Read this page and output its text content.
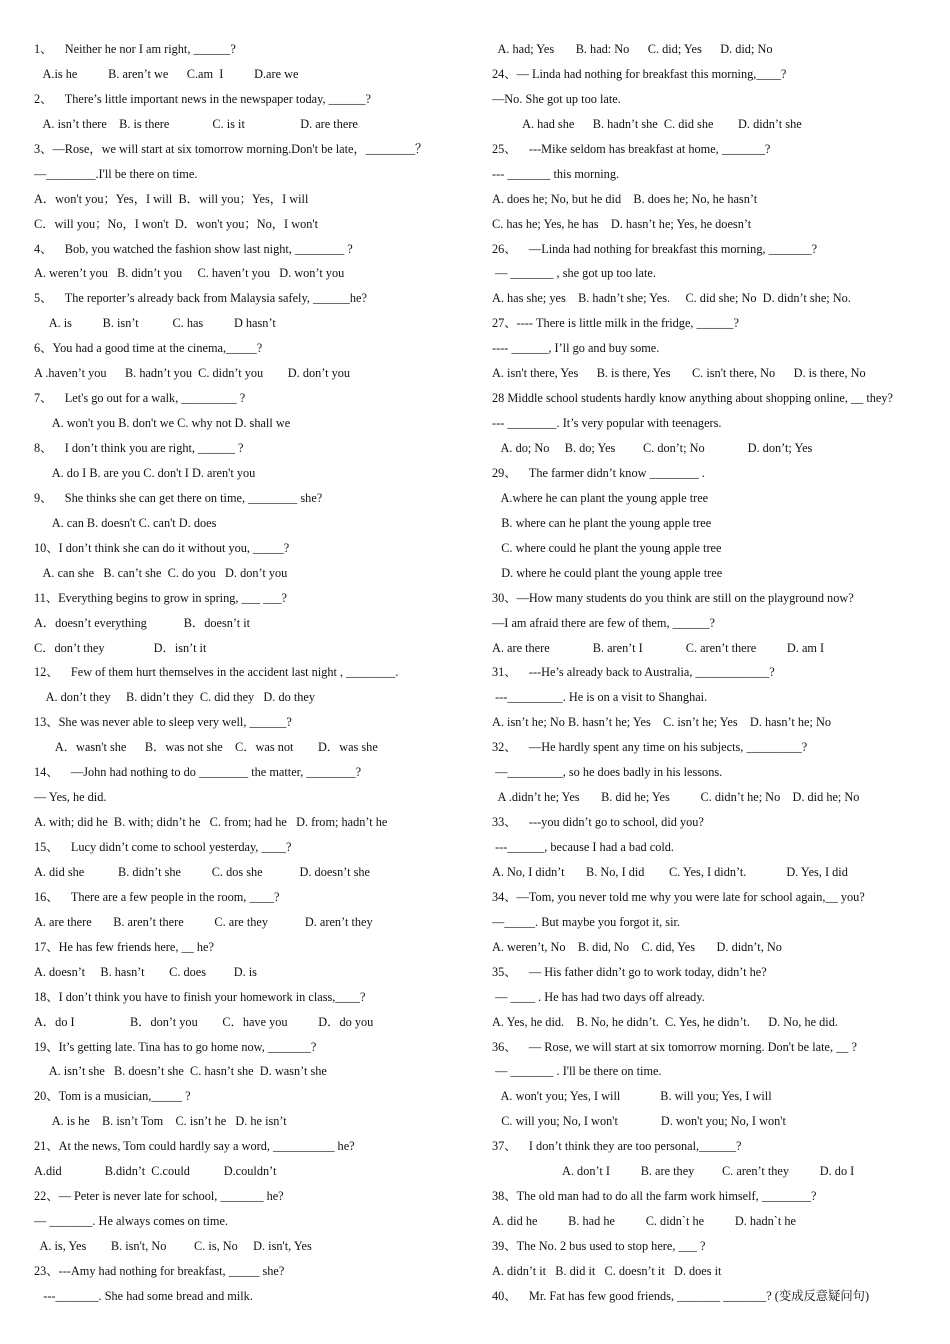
1、    Neither he nor I am right, ______?
A.is he          B. aren’t we      C.am  I          D.are we
2、    There’s little important news in the newspaper today, ______?
A. isn’t there    B. is there              C. is it                  D. are there
3、—Rose，we will start at six tomorrow morning.Don't be late，________？
—________.I'll be there on time.
A．won't you；Yes，I will  B．will you；Yes，I will
C．will you；No，I won't  D．won't you；No，I won't
4、    Bob, you watched the fashion show last night, ________ ?
A. weren’t you   B. didn’t you     C. haven’t you   D. won’t you
5、    The reporter’s already back from Malaysia safely, ______he?
A. is          B. isn’t           C. has          D hasn’t
6、You had a good time at the cinema,_____?
A .haven’t you      B. hadn’t you  C. didn’t you        D. don’t you
7、    Let's go out for a walk, _________ ?
A. won't you B. don't we C. why not D. shall we
8、    I don’t think you are right, ______ ?
A. do I B. are you C. don't I D. aren't you
9、    She thinks she can get there on time, ________ she?
A. can B. doesn't C. can't D. does
10、I don’t think she can do it without you, _____?
A. can she   B. can’t she  C. do you   D. don’t you
11、Everything begins to grow in spring, ___ ___?
A．doesn’t everything            B．doesn’t it
C．don’t they                D．isn’t it
12、    Few of them hurt themselves in the accident last night , ________.
A. don’t they     B. didn’t they  C. did they   D. do they
13、She was never able to sleep very well, ______?
A．wasn't she      B．was not she    C．was not        D．was she
14、    —John had nothing to do ________ the matter, ________?
— Yes, he did.
A. with; did he  B. with; didn’t he   C. from; had he   D. from; hadn’t he
15、    Lucy didn’t come to school yesterday, ____?
A. did she           B. didn’t she          C. dos she            D. doesn’t she
16、    There are a few people in the room, ____?
A. are there       B. aren’t there          C. are they            D. aren’t they
17、He has few friends here, __ he?
A. doesn’t     B. hasn’t        C. does         D. is
18、I don’t think you have to finish your homework in class,____?
A．do I                  B．don’t you        C．have you          D．do you
19、It’s getting late. Tina has to go home now, _______?
A. isn’t she   B. doesn’t she  C. hasn’t she  D. wasn’t she
20、Tom is a musician,_____ ?
A. is he    B. isn’t Tom    C. isn’t he   D. he isn’t
21、At the news, Tom could hardly say a word, __________ he?
A.did              B.didn’t  C.could           D.couldn’t
22、— Peter is never late for school, _______ he?
— _______. He always comes on time.
A. is, Yes        B. isn't, No         C. is, No     D. isn't, Yes
23、---Amy had nothing for breakfast, _____ she?
---_______. She had some bread and milk.
A. had; Yes       B. had: No      C. did; Yes      D. did; No
24、— Linda had nothing for breakfast this morning,____?
—No. She got up too late.
A. had she      B. hadn’t she  C. did she        D. didn’t she
25、    ---Mike seldom has breakfast at home, _______?
--- _______ this morning.
A. does he; No, but he did    B. does he; No, he hasn’t
C. has he; Yes, he has    D. hasn’t he; Yes, he doesn’t
26、    —Linda had nothing for breakfast this morning, _______?
— _______ , she got up too late.
A. has she; yes    B. hadn’t she; Yes.     C. did she; No  D. didn’t she; No.
27、---- There is little milk in the fridge, ______?
---- ______, I’ll go and buy some.
A. isn't there, Yes      B. is there, Yes       C. isn't there, No      D. is there, No
28 Middle school students hardly know anything about shopping online, __ they?
--- ________. It’s very popular with teenagers.
A. do; No     B. do; Yes         C. don’t; No              D. don’t; Yes
29、    The farmer didn’t know ________ .
A.where he can plant the young apple tree
B. where can he plant the young apple tree
C. where could he plant the young apple tree
D. where he could plant the young apple tree
30、—How many students do you think are still on the playground now?
—I am afraid there are few of them, ______?
A. are there              B. aren’t I              C. aren’t there          D. am I
31、    ---He’s already back to Australia, ____________?
---_________. He is on a visit to Shanghai.
A. isn’t he; No B. hasn’t he; Yes    C. isn’t he; Yes    D. hasn’t he; No
32、    —He hardly spent any time on his subjects, _________?
—_________, so he does badly in his lessons.
A .didn’t he; Yes       B. did he; Yes          C. didn’t he; No    D. did he; No
33、    ---you didn’t go to school, did you?
---______, because I had a bad cold.
A. No, I didn’t       B. No, I did        C. Yes, I didn’t.             D. Yes, I did
34、—Tom, you never told me why you were late for school again,__ you?
—_____. But maybe you forgot it, sir.
A. weren’t, No    B. did, No    C. did, Yes       D. didn’t, No
35、    — His father didn’t go to work today, didn’t he?
— ____ . He has had two days off already.
A. Yes, he did.    B. No, he didn’t.  C. Yes, he didn’t.      D. No, he did.
36、    — Rose, we will start at six tomorrow morning. Don't be late, __ ?
— _______ . I'll be there on time.
A. won't you; Yes, I will             B. will you; Yes, I will
C. will you; No, I won't              D. won't you; No, I won't
37、    I don’t think they are too personal,______?
A. don’t I          B. are they         C. aren’t they          D. do I
38、The old man had to do all the farm work himself, ________?
A. did he          B. had he          C. didn`t he          D. hadn`t he
39、The No. 2 bus used to stop here, ___ ?
A. didn’t it   B. did it   C. doesn’t it   D. does it
40、    Mr. Fat has few good friends, _______ _______? (变成反意疑问句)
